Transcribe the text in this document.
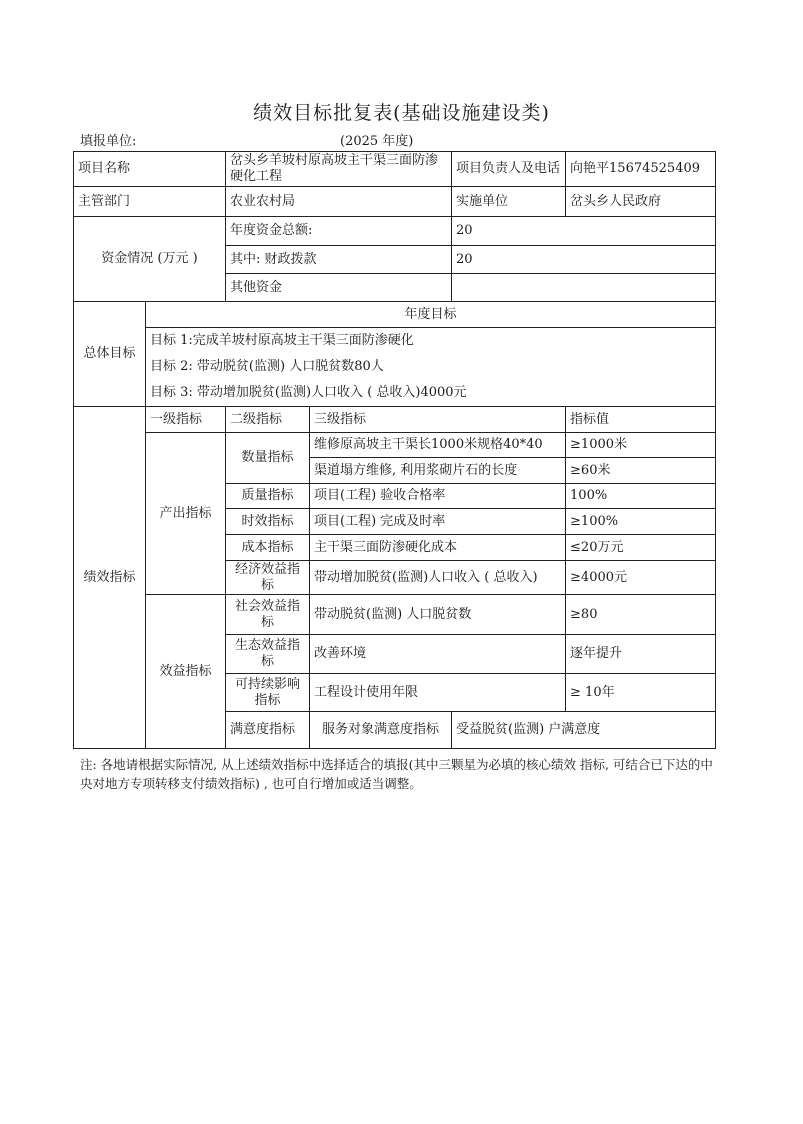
绩效目标批复表(基础设施建设类)
填报单位:	(2025 年度)
项目名称		岔头乡羊坡村原高坡主干渠三面防渗硬化工程		项目负责人及电话	向艳平15674525409	
主管部门		农业农村局		实施单位	岔头乡人民政府	
资金情况 (万元 )		年度资金总额:		20		
		其中: 财政拨款		20		
		其他资金				
总体目标	年度目标					

	目标 1:完成羊坡村原高坡主干渠三面防渗硬化
目标 2: 带动脱贫(监测) 人口脱贫数80人
目标 3: 带动增加脱贫(监测)人口收入 ( 总收入)4000元					

绩效指标	一级指标	二级指标	三级指标		指标值	
	产出指标	数量指标	维修原高坡主干渠长1000米规格40*40		≥1000米	
			渠道塌方维修, 利用浆砌片石的长度		≥60米	
		质量指标	项目(工程) 验收合格率		100%	
		时效指标	项目(工程) 完成及时率		≥100%	
		成本指标	主干渠三面防渗硬化成本		≤20万元	
		经济效益指标	带动增加脱贫(监测)人口收入 ( 总收入)		≥4000元	
	效益指标	社会效益指标	带动脱贫(监测) 人口脱贫数		≥80	
		生态效益指标	改善环境		逐年提升	
		可持续影响指标	工程设计使用年限		≥ 10年	
		满意度指标	服务对象满意度指标	受益脱贫(监测) 户满意度	
注: 各地请根据实际情况, 从上述绩效指标中选择适合的填报(其中三颗星为必填的核心绩效 指标, 可结合已下达的中央对地方专项转移支付绩效指标) , 也可自行增加或适当调整。
